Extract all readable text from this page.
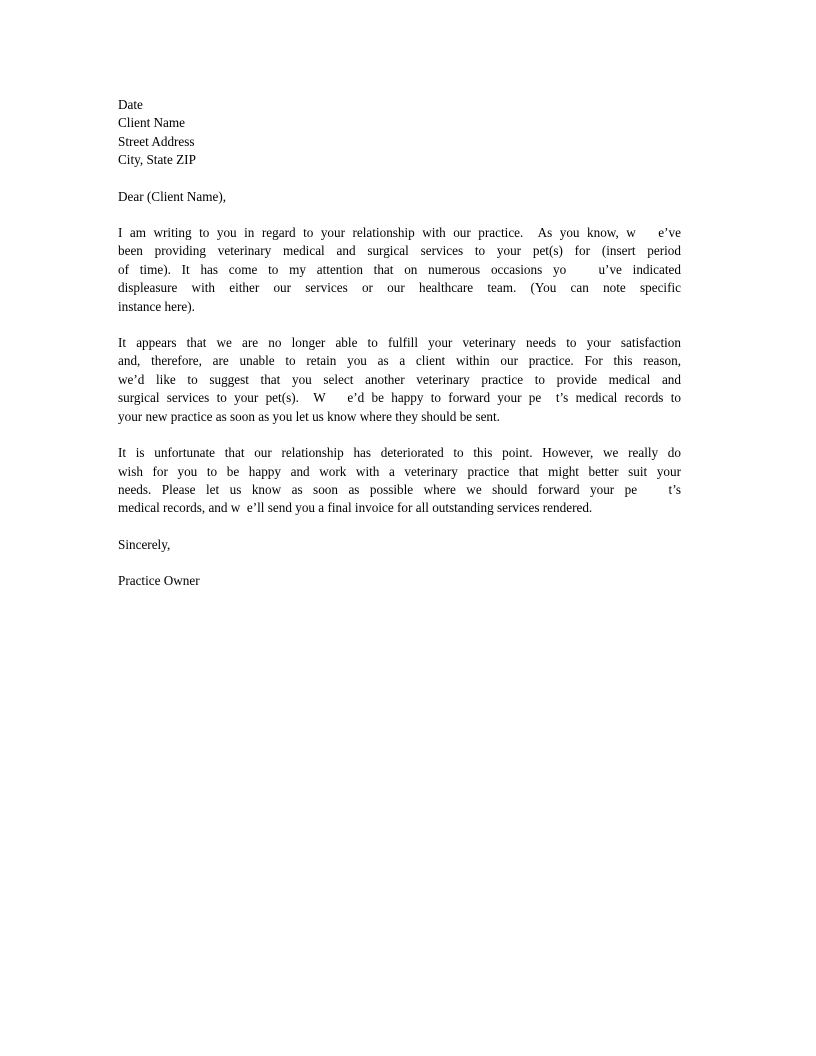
Date
Client Name
Street Address
City, State ZIP
Dear (Client Name),
I am writing to you in regard to your relationship with our practice.  As you know, w   e’ve
been providing veterinary medical and surgical services to your pet(s) for (insert period
of time). It has come to my attention that on numerous occasions yo   u’ve indicated
displeasure with either our services or our healthcare team. (You can note specific
instance here).
It appears that we are no longer able to fulfill your veterinary needs to your satisfaction
and, therefore, are unable to retain you as a client within our practice. For this reason,
we’d like to suggest that you select another veterinary practice to provide medical and
surgical services to your pet(s).  W   e’d be happy to forward your pe  t’s medical records to
your new practice as soon as you let us know where they should be sent.
It is unfortunate that our relationship has deteriorated to this point. However, we really do
wish for you to be happy and work with a veterinary practice that might better suit your
needs. Please let us know as soon as possible where we should forward your pe   t’s
medical records, and w  e’ll send you a final invoice for all outstanding services rendered.
Sincerely,
Practice Owner
